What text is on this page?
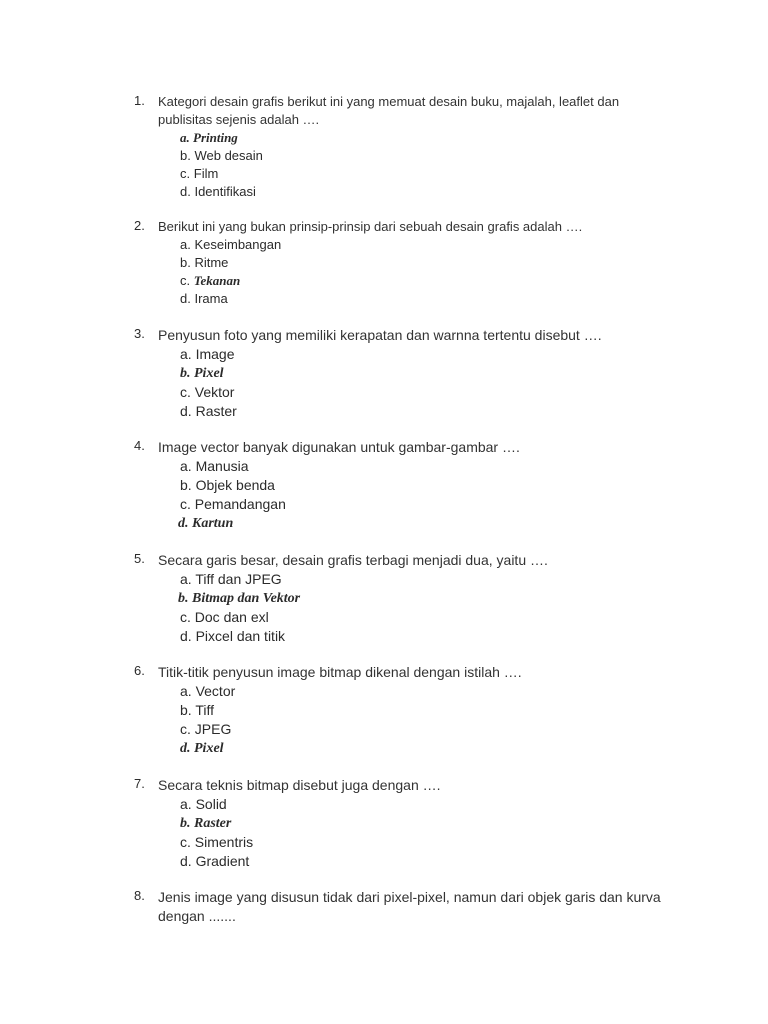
1. Kategori desain grafis berikut ini yang memuat desain buku, majalah, leaflet dan publisitas sejenis adalah ….
a. Printing
b. Web desain
c. Film
d. Identifikasi
2. Berikut ini yang bukan prinsip-prinsip dari sebuah desain grafis adalah ….
a. Keseimbangan
b. Ritme
c. Tekanan
d. Irama
3. Penyusun foto yang memiliki kerapatan dan warnna tertentu disebut ….
a. Image
b. Pixel
c. Vektor
d. Raster
4. Image vector banyak digunakan untuk gambar-gambar ….
a. Manusia
b. Objek benda
c. Pemandangan
d. Kartun
5. Secara garis besar, desain grafis terbagi menjadi dua, yaitu ….
a. Tiff dan JPEG
b. Bitmap dan Vektor
c. Doc dan exl
d. Pixcel dan titik
6. Titik-titik penyusun image bitmap dikenal dengan istilah ….
a. Vector
b. Tiff
c. JPEG
d. Pixel
7. Secara teknis bitmap disebut juga dengan ….
a. Solid
b. Raster
c. Simentris
d. Gradient
8. Jenis image yang disusun tidak dari pixel-pixel, namun dari objek garis dan kurva dengan .......
